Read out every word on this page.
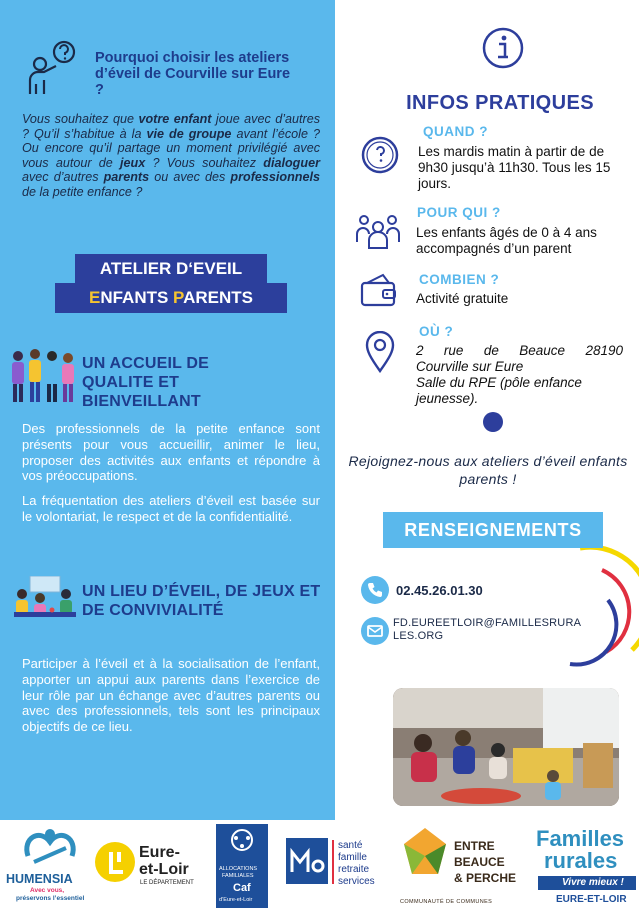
Pourquoi choisir les ateliers d’éveil de Courville sur Eure ?
Vous souhaitez que votre enfant joue avec d’autres ? Qu’il s’habitue à la vie de groupe avant l’école ? Ou encore qu’il partage un moment privilégié avec vous autour de jeux ? Vous souhaitez dialoguer avec d’autres parents ou avec des professionnels de la petite enfance ?
ATELIER D‘EVEIL
ENFANTS PARENTS
UN ACCUEIL DE QUALITE ET BIENVEILLANT
Des professionnels de la petite enfance sont présents pour vous accueillir, animer le lieu, proposer des activités aux enfants et répondre à vos préoccupations.
La fréquentation des ateliers d’éveil est basée sur le volontariat, le respect et de la confidentialité.
UN LIEU D’ÉVEIL, DE JEUX ET DE CONVIVIALITÉ
Participer à l’éveil et à la socialisation de l’enfant, apporter un appui aux parents dans l’exercice de leur rôle par un échange avec d’autres parents ou avec des professionnels, tels sont les principaux objectifs de ce lieu.
INFOS PRATIQUES
QUAND ?
Les mardis matin à partir de de 9h30 jusqu’à 11h30. Tous les 15 jours.
POUR QUI ?
Les enfants âgés de 0 à 4 ans accompagnés d’un parent
COMBIEN ?
Activité gratuite
OÙ ?
2 rue de Beauce 28190
Courville sur Eure
Salle du RPE (pôle enfance
jeunesse).
Rejoignez-nous aux ateliers d’éveil enfants parents !
RENSEIGNEMENTS
02.45.26.01.30
FD.EUREETLOIR@FAMILLESRURA
LES.ORG
HUMENSIA
Avec vous,
préservons l’essentiel
Eure-
et-Loir
LE DÉPARTEMENT
ALLOCATIONS
FAMILIALES
Caf
d’Eure-et-Loir
santé
famille
retraite
services
ENTRE
BEAUCE
& PERCHE
COMMUNAUTÉ DE COMMUNES
Familles
rurales
Vivre mieux !
EURE-ET-LOIR
